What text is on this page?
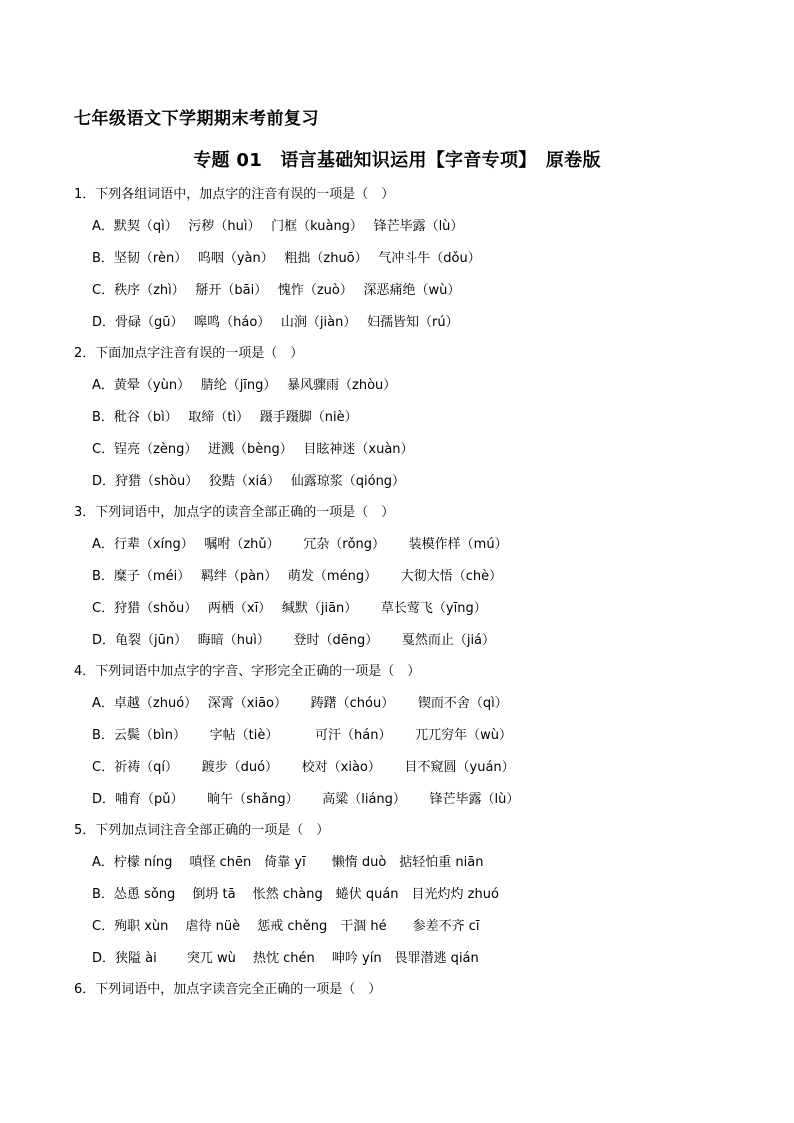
七年级语文下学期期末考前复习
专题 01　语言基础知识运用【字音专项】　原卷版
1．下列各组词语中，加点字的注音有误的一项是（　）
A．默契（qì）　 污秽（huì）　 门框（kuàng）　 锋芒毕露（lù）
B．坚韧（rèn）　 呜咽（yàn）　 粗拙（zhuō）　 气冲斗牛（dǒu）
C．秩序（zhì）　 掰开（bāi）　 愧怍（zuò）　 深恶痛绝（wù）
D．骨碌（gū）　 嗥鸣（háo）　 山涧（jiàn）　 妇孺皆知（rú）
2．下面加点字注音有误的一项是（　）
A．黄晕（yùn）　 腈纶（jīng）　 暴风骤雨（zhòu）
B．秕谷（bì）　 取缔（tì）　 蹑手蹑脚（niè）
C．锃亮（zèng）　 迸溅（bèng）　 目眩神迷（xuàn）
D．狩猎（shòu）　 狡黠（xiá）　 仙露琼浆（qióng）
3．下列词语中，加点字的读音全部正确的一项是（　）
A．行辈（xíng）　 嘱咐（zhǔ）　　 冗杂（rǒng）　　 装模作样（mú）
B．糜子（méi）　 羁绊（pàn）　 萌发（méng）　　 大彻大悟（chè）
C．狩猎（shǒu）　 两栖（xī）　 缄默（jiān）　　 草长莺飞（yīng）
D．龟裂（jūn）　 晦暗（huì）　　 登时（dēng）　　 戛然而止（jiá）
4．下列词语中加点字的字音、字形完全正确的一项是（　）
A．卓越（zhuó）　 深霄（xiāo）　　 踌躇（chóu）　　 锲而不舍（qì）
B．云鬓（bìn）　　 字帖（tiè）　　　 可汗（hán）　　 兀兀穷年（wù）
C．祈祷（qí）　　 踱步（duó）　　 校对（xiào）　　 目不窥圆（yuán）
D．哺育（pǔ）　　 晌午（shǎng）　　 高粱（liáng）　　 锋芒毕露（lù）
5．下列加点词注音全部正确的一项是（　）
A．柠檬 níng　 嗔怪 chēn　倚靠 yī　　懒惰 duò　掂轻怕重 niān
B．怂恿 sǒng　 倒坍 tā　 怅然 chàng　蜷伏 quán　目光灼灼 zhuó
C．殉职 xùn　 虐待 nüè　 惩戒 chěng　干涸 hé　　参差不齐 cī
D．狭隘 ài　　 突兀 wù　 热忱 chén　 呻吟 yín　畏罪潜逃 qián
6．下列词语中，加点字读音完全正确的一项是（　）
